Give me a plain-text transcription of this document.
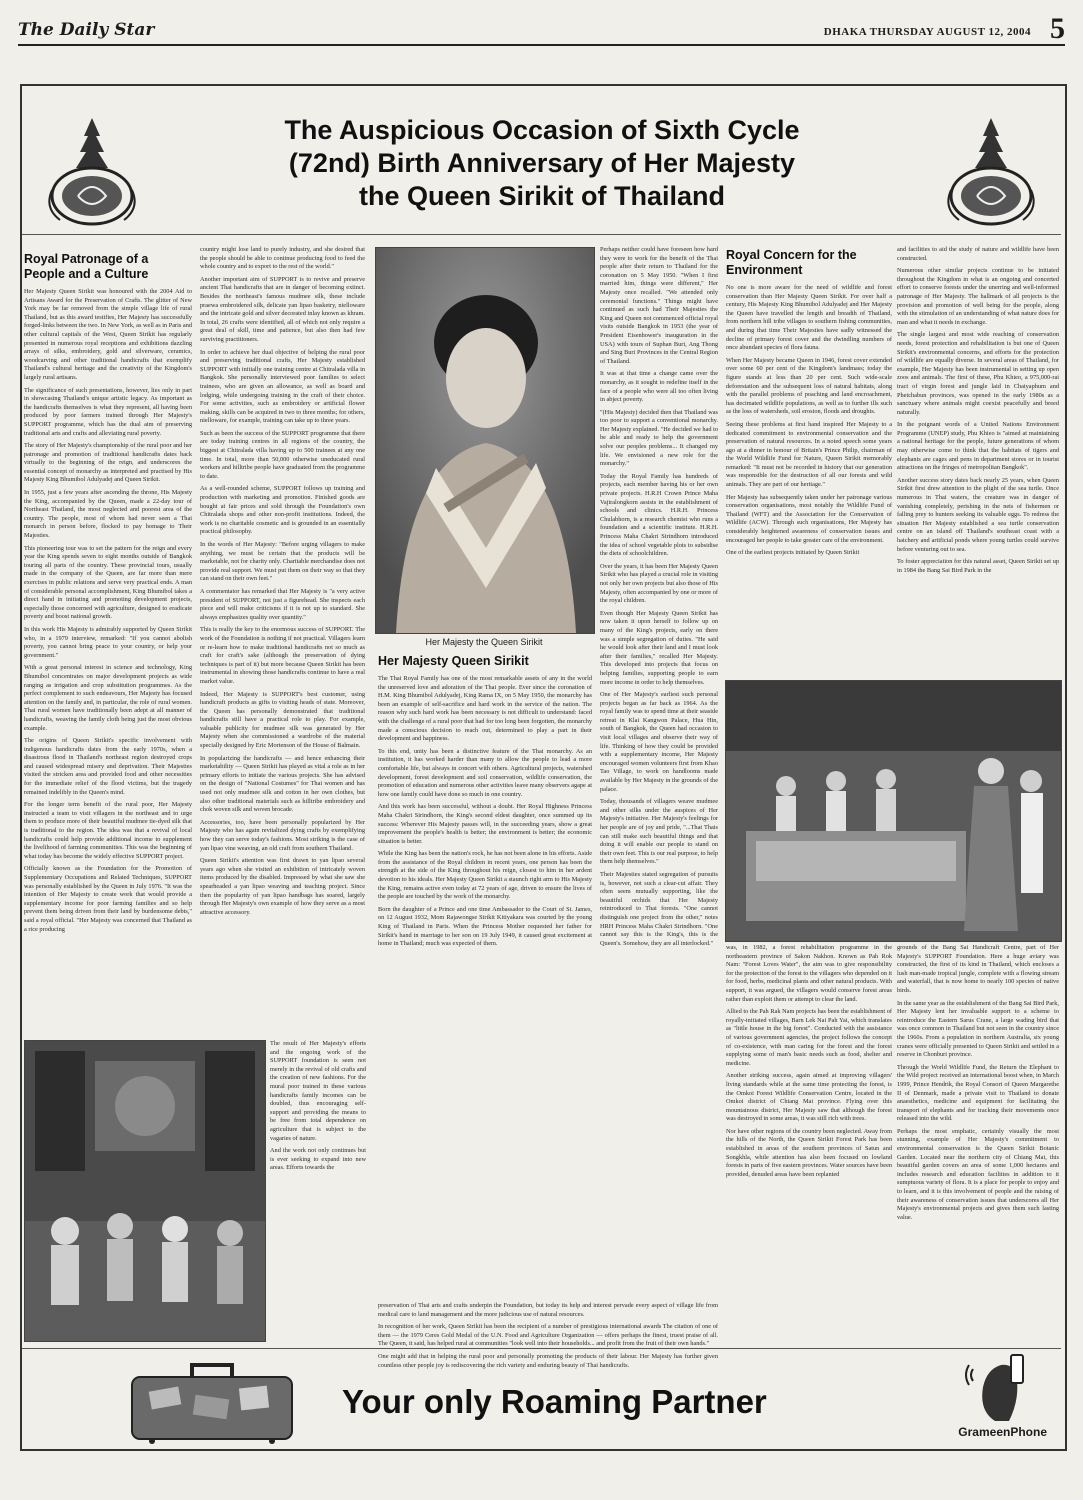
The Daily Star	DHAKA THURSDAY AUGUST 12, 2004 5
The Auspicious Occasion of Sixth Cycle
(72nd) Birth Anniversary of Her Majesty
the Queen Sirikit of Thailand
Royal Patronage of a People and a Culture

Her Majesty Queen Sirikit was honoured with the 2004 Aid to Artisans Award for the Preservation of Crafts. The glitter of New York may be far removed from the simple village life of rural Thailand, but as this award testifies, Her Majesty has successfully forged-links between the two. In New York, as well as in Paris and other cultural capitals of the West, Queen Sirikit has regularly presented in numerous royal receptions and exhibitions dazzling arrays of silks, embroidery, gold and silverware, ceramics, woodcarving and other traditional handicrafts that exemplify Thailand's cultural heritage and the creativity of the Kingdom's largely rural artisans.

The significance of such presentations, however, lies only in part in showcasing Thailand's unique artistic legacy. As important as the handicrafts themselves is what they represent, all having been produced by poor farmers trained through Her Majesty's SUPPORT programme, which has the dual aim of preserving traditional arts and crafts and alleviating rural poverty.

The story of Her Majesty's championship of the rural poor and her patronage and promotion of traditional handicrafts dates back virtually to the beginning of the reign, and underscores the essential concept of monarchy as interpreted and practised by His Majesty King Bhumibol Adulyadej and Queen Sirikit.

In 1955, just a few years after ascending the throne, His Majesty the King, accompanied by the Queen, made a 22-day tour of Northeast Thailand, the most neglected and poorest area of the country. The people, most of whom had never seen a Thai monarch in person before, flocked to pay homage to Their Majesties.

This pioneering tour was to set the pattern for the reign and every year the King spends seven to eight months outside of Bangkok touring all parts of the country. These provincial tours, usually made in the company of the Queen, are far more than mere exercises in public relations and serve very practical ends. A man of considerable personal accomplishment, King Bhumibol takes a direct hand in initiating and promoting development projects, especially those concerned with agriculture, designed to eradicate poverty and boost national growth.

In this work His Majesty is admirably supported by Queen Sirikit who, in a 1979 interview, remarked: "If you cannot abolish poverty, you cannot bring peace to your country, or help your government."

With a great personal interest in science and technology, King Bhumibol concentrates on major development projects as wide ranging as irrigation and crop substitution programmes. As the perfect complement to such endeavours, Her Majesty has focused attention on the family and, in particular, the role of rural women. Thai rural women have traditionally been adept at all manner of handicrafts, weaving the family cloth being just the most obvious example.

The origins of Queen Sirikit's specific involvement with indigenous handicrafts dates from the early 1970s, when a disastrous flood in Thailand's northeast region destroyed crops and caused widespread misery and deprivation. Their Majesties visited the stricken area and provided food and other necessities for the immediate relief of the flood victims, but the tragedy remained indelibly in the Queen's mind.

For the longer term benefit of the rural poor, Her Majesty instructed a team to visit villagers in the northeast and to urge them to produce more of their beautiful mudmee tie-dyed silk that is traditional to the region. The idea was that a revival of local handicrafts could help provide additional income to supplement the livelihood of farming communities. This was the beginning of what today has become the widely effective SUPPORT project.

Officially known as the Foundation for the Promotion of Supplementary Occupations and Related Techniques, SUPPORT was personally established by the Queen in July 1976. "It was the intention of Her Majesty to create work that would provide a supplementary income for poor farming families and so help prevent them being driven from their land by burdensome debts," said a royal official. "Her Majesty was concerned that Thailand as a rice producing

country might lose land to purely industry, and she desired that the people should be able to continue producing food to feed the whole country and to export to the rest of the world."

Another important aim of SUPPORT is to revive and preserve ancient Thai handicrafts that are in danger of becoming extinct. Besides the northeast's famous mudmee silk, these include praewa embroidered silk, delicate yan lipao basketry, nielloware and the intricate gold and silver decorated inlay known as khram. In total, 26 crafts were identified, all of which not only require a great deal of skill, time and patience, but also then had few surviving practitioners.

In order to achieve her dual objective of helping the rural poor and preserving traditional crafts, Her Majesty established SUPPORT with initially one training centre at Chitralada villa in Bangkok. She personally interviewed poor families to select trainees, who are given an allowance, as well as board and lodging, while undergoing training in the craft of their choice. For some activities, such as embroidery or artificial flower making, skills can be acquired in two to three months; for others, nielloware, for example, training can take up to three years.

Such as been the success of the SUPPORT programme that there are today training centres in all regions of the country, the biggest at Chitralada villa having up to 500 trainees at any one time. In total, more than 50,000 otherwise uneducated rural workers and hilltribe people have graduated from the programme to date.

As a well-rounded scheme, SUPPORT follows up training and production with marketing and promotion. Finished goods are bought at fair prices and sold through the Foundation's own Chitralada shops and other non-profit institutions. Indeed, the work is no charitable cosmetic and is grounded in an essentially practical philosophy.

In the words of Her Majesty: "Before urging villagers to make anything, we must be certain that the products will be marketable, not for charity only. Charitable merchandise does not provide real support. We must put them on their way so that they can stand on their own feet."

A commentator has remarked that Her Majesty is "a very active president of SUPPORT, not just a figurehead. She inspects each piece and will make criticisms if it is not up to standard. She always emphasizes quality over quantity."

This is really the key to the enormous success of SUPPORT. The work of the Foundation is nothing if not practical. Villagers learn or re-learn how to make traditional handicrafts not so much as craft for craft's sake (although the preservation of dying techniques is part of it) but more because Queen Sirikit has been instrumental in showing those handicrafts continue to have a real market value.

Indeed, Her Majesty is SUPPORT's best customer, using handicraft products as gifts to visiting heads of state. Moreover, the Queen has personally demonstrated that traditional handicrafts still have a practical role to play. For example, valuable publicity for mudmee silk was generated by Her Majesty when she commissioned a wardrobe of the material specially designed by Eric Mortenson of the House of Balmain.

In popularizing the handicrafts — and hence enhancing their marketability — Queen Sirikit has played as vital a role as in her primary efforts to initiate the various projects. She has advised on the design of "National Costumes" for Thai women and has used not only mudmee silk and cotton in her own clothes, but also other traditional materials such as hilltribe embroidery and chok woven silk and woven brocade.

Accessories, too, have been personally popularized by Her Majesty who has again revitalized dying crafts by exemplifying how they can serve today's fashions. Most striking is the case of yan lipao vine weaving, an old craft from southern Thailand.

Queen Sirikit's attention was first drawn to yan lipao several years ago when she visited an exhibition of intricately woven items produced by the disabled. Impressed by what she saw she spearheaded a yan lipao weaving and teaching project. Since then the popularity of yan lipao handbags has soared, largely through Her Majesty's own example of how they serve as a most attractive accessory.

The result of Her Majesty's efforts and the ongoing work of the SUPPORT foundation is seen not merely in the revival of old crafts and the creation of new fashions. For the mural poor trained in these various handicrafts family incomes can be doubled, thus encouraging self-support and providing the means to be free from total dependence on agriculture that is subject to the vagaries of nature.

And the work not only continues but is ever seeking to expand into new areas. Efforts towards the

Her Majesty the Queen Sirikit
Her Majesty Queen Sirikit

The Thai Royal Family has one of the most remarkable assets of any in the world the unreserved love and adoration of the Thai people. Ever since the coronation of H.M. King Bhumibol Adulyadej, King Rama IX, on 5 May 1950, the monarchy has been an example of self-sacrifice and hard work in the service of the nation. The reason why such hard work has been necessary is not difficult to understand: faced with the challenge of a rural poor that had for too long been forgotten, the monarchy made a conscious decision to reach out, determined to play a part in their development and happiness.

To this end, unity has been a distinctive feature of the Thai monarchy. As an institution, it has worked harder than many to allow the people to lead a more comfortable life, but always in concert with others. Agricultural projects, watershed development, forest development and soil conservation, wildlife conservation, the promotion of education and numerous other activities leave many observers agape at how one family could have done so much in one country.

And this work has been successful, without a doubt. Her Royal Highness Princess Maha Chakri Sirindhorn, the King's second eldest daughter, once summed up its success: Wherever His Majesty passes will, in the succeeding years, show a great improvement the people's health is better; the environment is better; the economic situation is better.

While the King has been the nation's rock, he has not been alone in his efforts. Aside from the assistance of the Royal children in recent years, one person has been the strength at the side of the King throughout his reign, closest to him in her ardent devotion to his ideals. Her Majesty Queen Sirikit a staunch right arm to His Majesty the King, remains active even today at 72 years of age, driven to ensure the lives of the people are touched by the work of the monarchy.

Born the daughter of a Prince and one time Ambassador to the Court of St. James, on 12 August 1932, Mom Rajawongse Sirikit Kitiyakara was courted by the young King of Thailand in Paris. When the Princess Mother requested her father for Sirikit's hand in marriage to her son on 19 July 1949, it caused great excitement at home in Thailand; much was expected of them.

Perhaps neither could have foreseen how hard they were to work for the benefit of the Thai people after their return to Thailand for the coronation on 5 May 1950. "When I first married him, things were different," Her Majesty once recalled. "We attended only ceremonial functions." Things might have continued as such had Their Majesties the King and Queen not commenced official royal visits outside Bangkok in 1953 (the year of President Eisenhower's inauguration in the USA) with tours of Suphan Buri, Ang Thong and Sing Buri Provinces in the Central Region of Thailand.

It was at that time a change came over the monarchy, as it sought to redefine itself in the face of a people who were all too often living in abject poverty.

"(His Majesty) decided then that Thailand was too poor to support a conventional monarchy. Her Majesty explained. "He decided we had to be able and ready to help the government solve our peoples problems... It changed my life. We envisioned a new role for the monarchy."

Today the Royal Family has hundreds of projects, each member having his or her own private projects. H.R.H Crown Prince Maha Vajiralongkorn assists in the establishment of schools and clinics. H.R.H. Princess Chulabhorn, is a research chemist who runs a foundation and a scientific institute. H.R.H. Princess Maha Chakri Sirindhorn introduced the idea of school vegetable plots to subsidise the diets of schoolchildren.

Over the years, it has been Her Majesty Queen Sirikit who has played a crucial role in visiting not only her own projects but also those of His Majesty, often accompanied by one or more of the royal children.

Even though Her Majesty Queen Sirikit has now taken it upon herself to follow up on many of the King's projects, early on there was a simple segregation of duties. "He said he would look after their land and I must look after their families," recalled Her Majesty. This developed into projects that focus on helping families, supporting people to earn more income in order to help themselves.

One of Her Majesty's earliest such personal projects began as far back as 1964. As the royal family was to spend time at their seaside retreat in Klai Kangwon Palace, Hua Hin, south of Bangkok, the Queen had occasion to visit local villages and observe their way of life. Thinking of how they could be provided with a supplementary income, Her Majesty encouraged women volunteers first from Khao Tao Village, to work on handlooms made available by Her Majesty in the grounds of the palace.

Today, thousands of villagers weave mudmee and other silks under the auspices of Her Majesty's initiative. Her Majesty's feelings for her people are of joy and pride, "...That Thais can still make such beautiful things and that doing it will enable our people to stand on their own feet. This is our real purpose, to help them help themselves."

Their Majesties stated segregation of pursuits is, however, not such a clear-cut affair. They often seem mutually supporting, like the beautiful orchids that Her Majesty reintroduced to Thai forests. "One cannot distinguish one project from the other," notes HRH Princess Maha Chakri Sirindhorn. "One cannot say this is the King's, this is the Queen's. Somehow, they are all interlocked."

preservation of Thai arts and crafts underpin the Foundation, but today its help and interest pervade every aspect of village life from medical care to land management and the more judicious use of natural resources.

In recognition of her work, Queen Sirikit has been the recipient of a number of prestigious international awards The citation of one of them — the 1979 Ceres Gold Medal of the U.N. Food and Agriculture Organization — offers perhaps the finest, truest praise of all. The Queen, it said, has helped rural at communities "look well into their households... and profit from the fruit of their own hands."

One might add that in helping the rural poor and personally promoting the products of their labour. Her Majesty has further given countless other people joy is rediscovering the rich variety and enduring beauty of Thai handicrafts.

Royal Concern for the Environment

No one is more aware for the need of wildlife and forest conservation than Her Majesty Queen Sirikit. For over half a century, His Majesty King Bhumibol Adulyadej and Her Majesty the Queen have travelled the length and breadth of Thailand, from northern hill tribe villages to southern fishing communities, and during that time Their Majesties have sadly witnessed the decline of primary forest cover and the dwindling numbers of once abundant species of flora fauna.

When Her Majesty became Queen in 1946, forest cover extended over some 60 per cent of the Kingdom's landmass; today the figure stands at less than 20 per cent. Such wide-scale deforestation and the subsequent loss of natural habitats, along with the parallel problems of poaching and land encroachment, has decimated wildlife populations, as well as to further ills such as the loss of watersheds, soil erosion, floods and droughts.

Seeing these problems at first hand inspired Her Majesty to a dedicated commitment to environmental conservation and the preservation of natural resources. In a noted speech some years ago at a dinner in honour of Britain's Prince Philip, chairman of the World Wildlife Fund for Nature, Queen Sirikit memorably remarked: "It must not be recorded in history that our generation was responsible for the destruction of all our forests and wild animals. They are part of our heritage."

Her Majesty has subsequently taken under her patronage various conservation organisations, most notably the Wildlife Fund of Thailand (WFT) and the Association for the Conservation of Wildlife (ACW). Through such organisations, Her Majesty has considerably heightened awareness of conservation issues and encouraged her people to take greater care of the environment.

One of the earliest projects initiated by Queen Sirikit

and facilities to aid the study of nature and wildlife have been constructed.

Numerous other similar projects continue to be initiated throughout the Kingdom in what is an ongoing and concerted effort to conserve forests under the unerring and well-informed patronage of Her Majesty. The hallmark of all projects is the provision and promotion of well being for the people, along with the stimulation of an understanding of what nature does for man and what it needs in exchange.

The single largest and most wide reaching of conservation needs, forest protection and rehabilitation is but one of Queen Sirikit's environmental concerns, and efforts for the protection of wildlife are equally diverse. In several areas of Thailand, for example, Her Majesty has been instrumental in setting up open zoos and animals. The first of these, Phu Khieo, a 975,000-rai tract of virgin forest and jungle laid in Chaiyaphum and Phetchabun provinces, was opened in the early 1980s as a sanctuary where animals might coexist peacefully and breed naturally.

In the poignant words of a United Nations Environment Programme (UNEP) study, Phu Khieo is "aimed at maintaining a national heritage for the people, future generations of whom may otherwise come to think that the habitats of tigers and elephants are cages and pens in department stores or in tourist attractions on the fringes of metropolitan Bangkok".

Another success story dates back nearly 25 years, when Queen Sirikit first drew attention to the plight of the sea turtle. Once numerous in Thai waters, the creature was in danger of vanishing completely, perishing in the nets of fishermen or falling prey to hunters seeking its valuable eggs. To redress the situation Her Majesty established a sea turtle conservation centre on an island off Thailand's southeast coast with a hatchery and artificial ponds where young turtles could survive before venturing out to sea.

To foster appreciation for this natural asset, Queen Sirikit set up in 1984 the Bang Sai Bird Park in the

was, in 1982, a forest rehabilitation programme in the northeastern province of Sakon Nakhon. Known as Pah Rok Nam: "Forest Loves Water", the aim was to give responsibility for the protection of the forest to the villagers who depended on it for food, herbs, medicinal plants and other natural products. With support, it was argued, the villagers would conserve forest areas rather than exploit them or attempt to clear the land.

Allied to the Pah Rak Nam projects has been the establishment of royally-initiated villages, Barn Lek Nai Pah Yai, which translates as "little house in the big forest". Conducted with the assistance of various government agencies, the project follows the concept of co-existence, with man caring for the forest and the forest supplying some of man's basic needs such as food, shelter and medicine.

Another striking success, again aimed at improving villagers' living standards while at the same time protecting the forest, is the Omkoi Forest Wildlife Conservation Centre, located in the Omkoi district of Chiang Mai province. Flying over this mountainous district, Her Majesty saw that although the forest was destroyed in some areas, it was still rich with trees.

Nor have other regions of the country been neglected. Away from the hills of the North, the Queen Sirikit Forest Park has been established in areas of the southern provinces of Satun and Songkhla, while attention has also been focused on lowland forests in parts of five eastern provinces. Water sources have been provided, denuded areas have been replanted

grounds of the Bang Sai Handicraft Centre, part of Her Majesty's SUPPORT Foundation. Here a huge aviary was constructed, the first of its kind in Thailand, which encloses a lush man-made tropical jungle, complete with a flowing stream and waterfall, that is now home to nearly 100 species of native birds.

In the same year as the establishment of the Bang Sai Bird Park, Her Majesty lent her invaluable support to a scheme to reintroduce the Eastern Sarus Crane, a large wading bird that was once common in Thailand but not seen in the country since the 1960s. From a population in northern Australia, six young cranes were officially presented to Queen Sirikit and settled in a reserve in Chonburi province.

Through the World Wildlife Fund, the Return the Elephant to the Wild project received an international boost when, in March 1999, Prince Hendrik, the Royal Consort of Queen Margarethe II of Denmark, made a private visit to Thailand to donate anaesthetics, medicine and equipment for facilitating the transport of elephants and for tracking their movements once released into the wild.

Perhaps the most emphatic, certainly visually the most stunning, example of Her Majesty's commitment to environmental conservation is the Queen Sirikit Botanic Garden. Located near the northern city of Chiang Mai, this beautiful garden covers an area of some 1,000 hectares and includes research and education facilities in addition to it sumptuous variety of flora. It is a place for people to enjoy and to learn, and it is this involvement of people and the raising of their awareness of conservation issues that underscores all Her Majesty's environmental projects and gives them such lasting value.

Your only Roaming Partner
GrameenPhone
